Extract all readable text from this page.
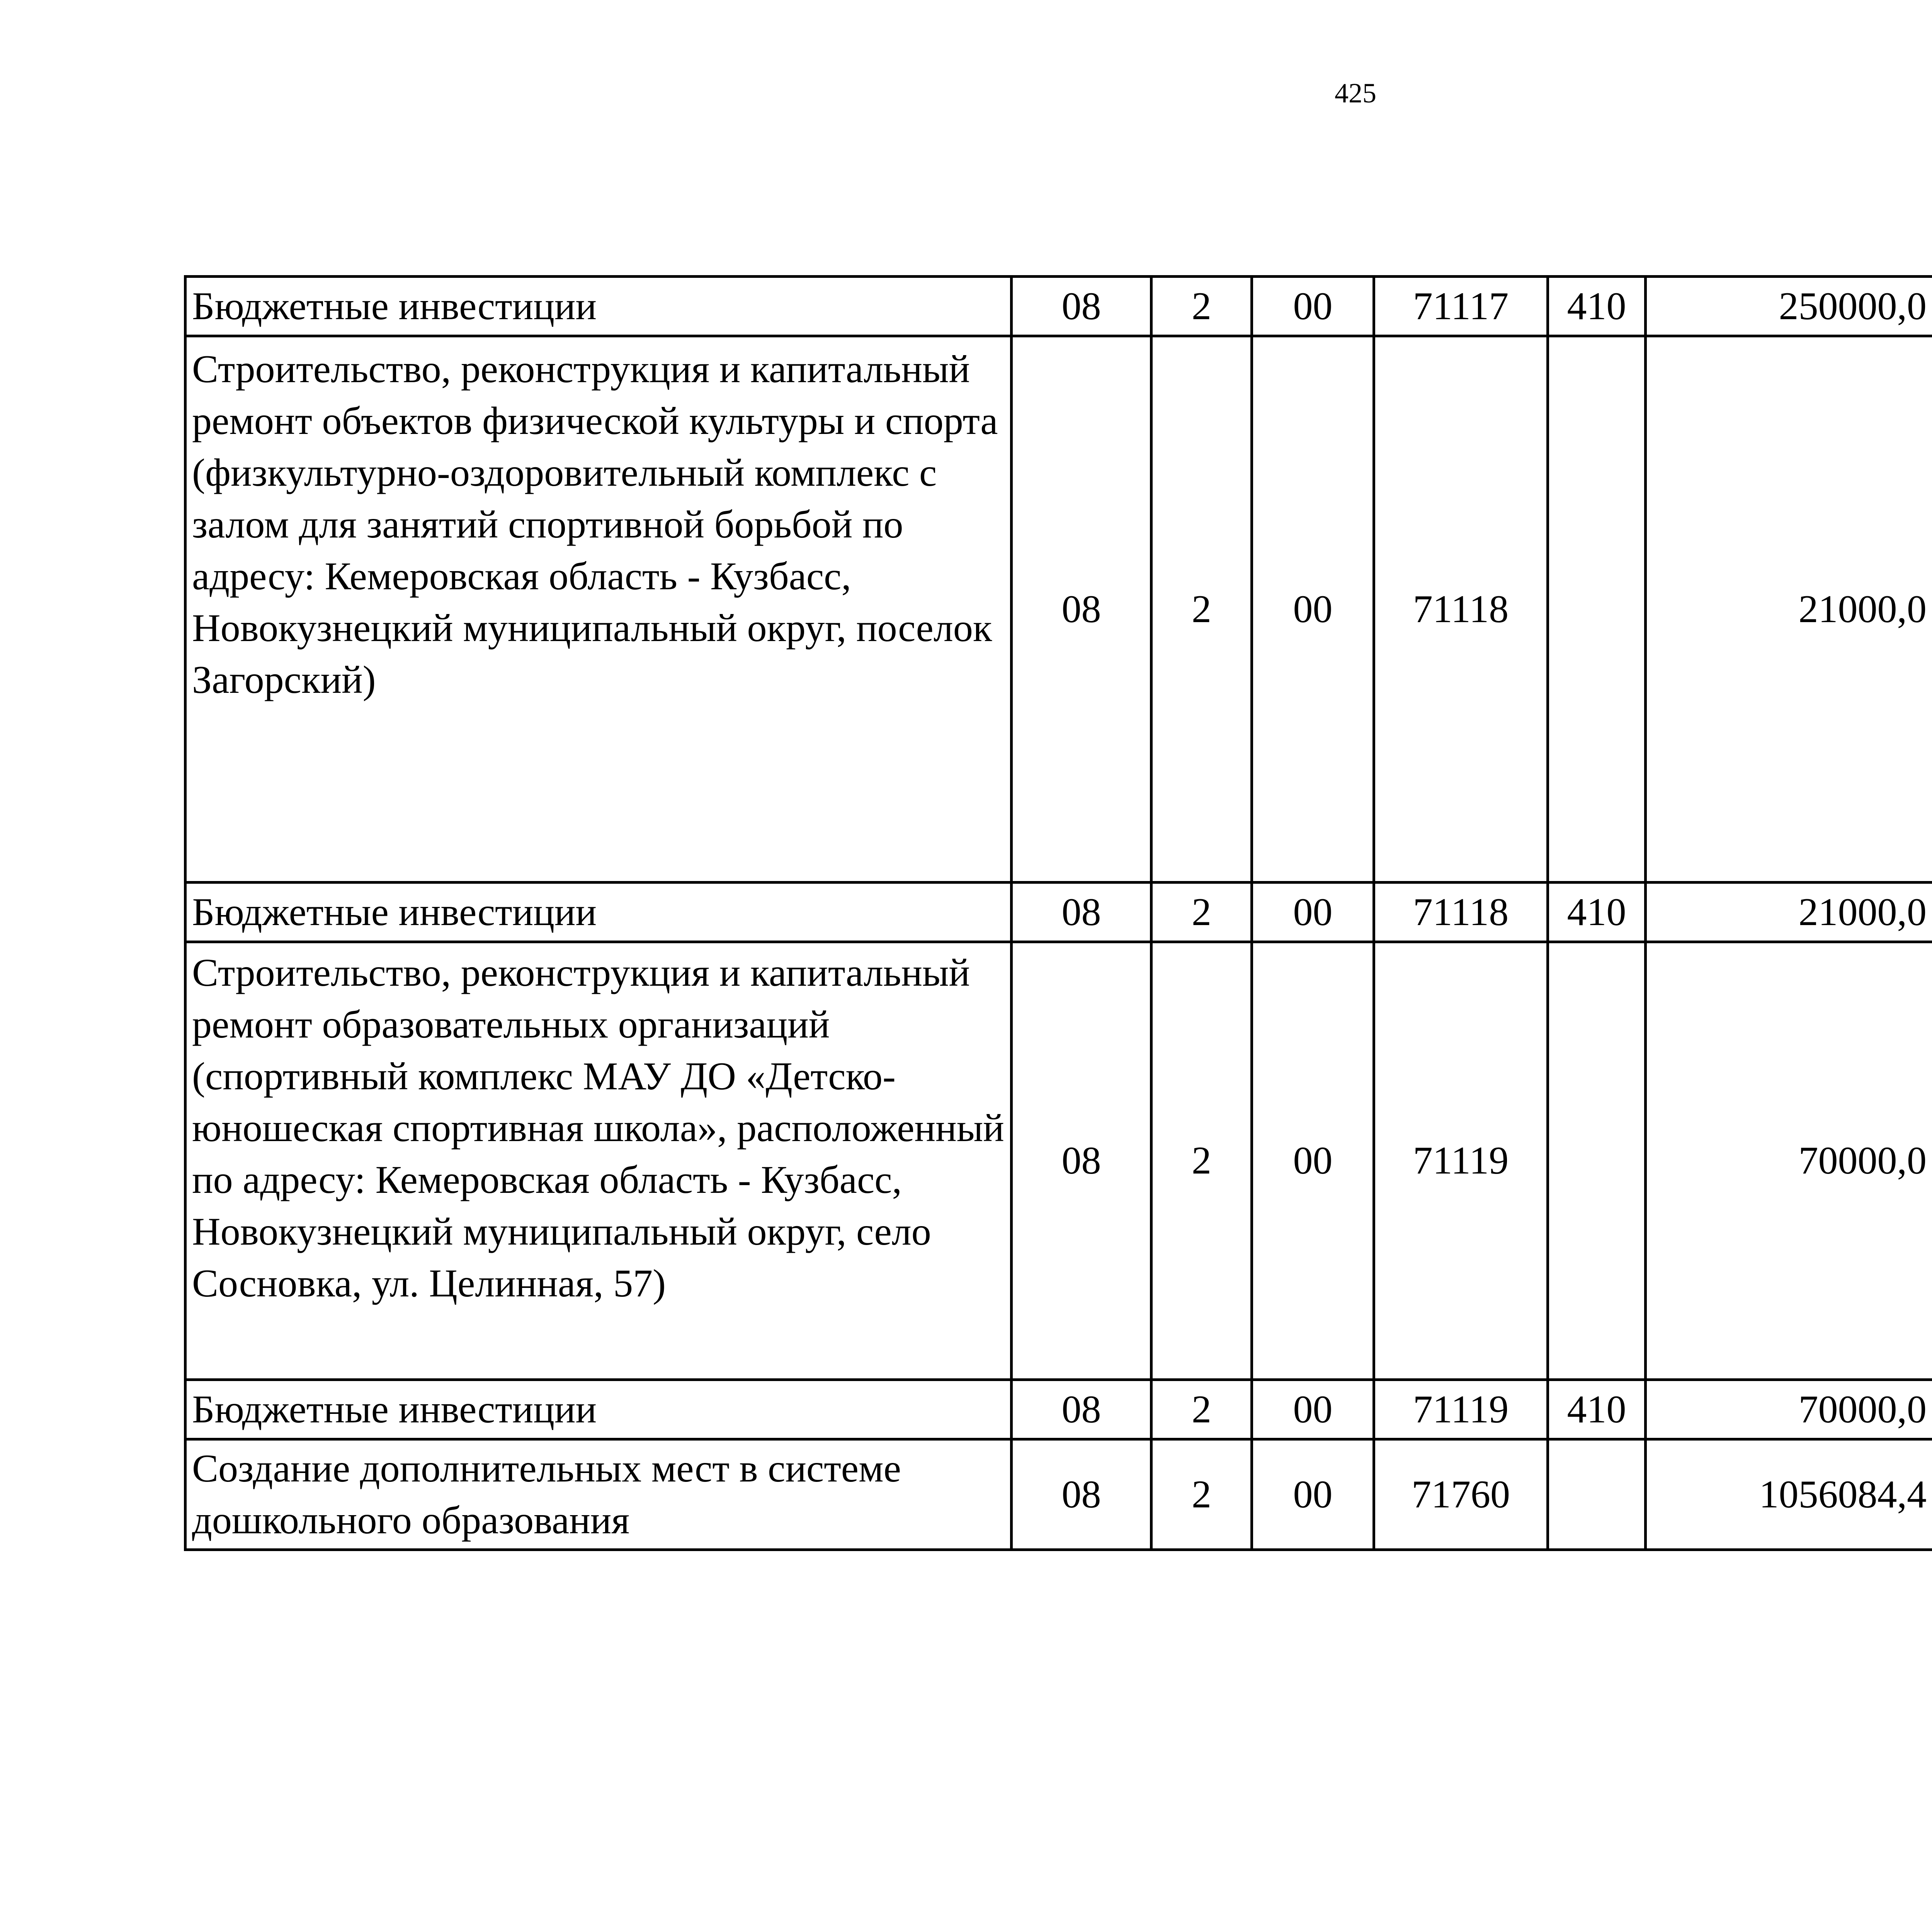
425
Бюджетные инвестиции	08	2	00	71117	410	250000,0		
Строительство, реконструкция и капитальный ремонт объектов физической культуры и спорта (физкультурно-оздоровительный комплекс с залом для занятий спортивной борьбой по адресу: Кемеровская область - Кузбасс, Новокузнецкий муниципальный округ, поселок Загорский)	08	2	00	71118		21000,0		
Бюджетные инвестиции	08	2	00	71118	410	21000,0		
Строительство, реконструкция и капитальный ремонт образовательных организаций (спортивный комплекс МАУ ДО «Детско-юношеская спортивная школа», расположенный по адресу: Кемеровская область - Кузбасс, Новокузнецкий муниципальный округ, село Сосновка, ул. Целинная, 57)	08	2	00	71119		70000,0		
Бюджетные инвестиции	08	2	00	71119	410	70000,0		
Создание дополнительных мест в системе дошкольного образования	08	2	00	71760		1056084,4		
